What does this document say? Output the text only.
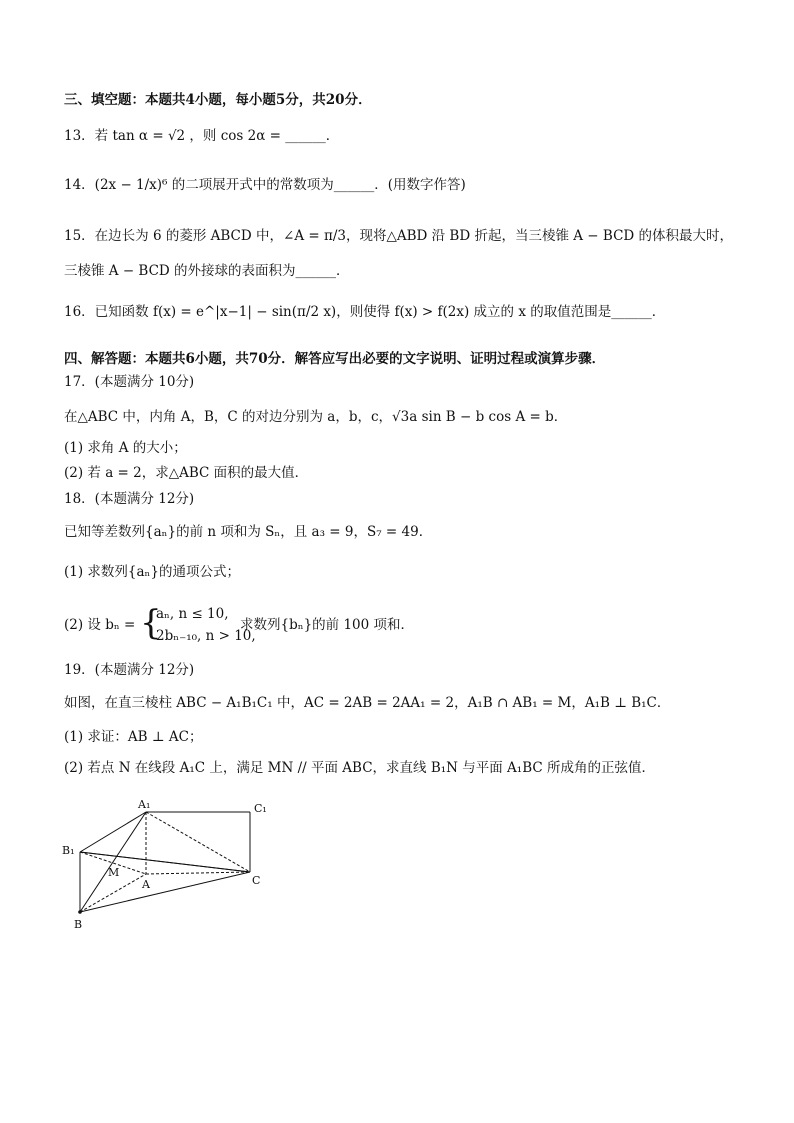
三、填空题：本题共4小题，每小题5分，共20分．
13．若 tan α = √2 ，则 cos 2α = ______．
14．(2x − 1/x)⁶ 的二项展开式中的常数项为______．(用数字作答)
15．在边长为 6 的菱形 ABCD 中，∠A = π/3，现将△ABD 沿 BD 折起，当三棱锥 A − BCD 的体积最大时，
三棱锥 A − BCD 的外接球的表面积为______．
16．已知函数 f(x) = e^|x−1| − sin(π/2 x)，则使得 f(x) > f(2x) 成立的 x 的取值范围是______．
四、解答题：本题共6小题，共70分．解答应写出必要的文字说明、证明过程或演算步骤．
17．(本题满分 10分)
在△ABC 中，内角 A，B，C 的对边分别为 a，b，c，√3a sin B − b cos A = b．
(1) 求角 A 的大小；
(2) 若 a = 2，求△ABC 面积的最大值．
18．(本题满分 12分)
已知等差数列{aₙ}的前 n 项和为 Sₙ，且 a₃ = 9，S₇ = 49．
(1) 求数列{aₙ}的通项公式；
(2) 设 bₙ = {
aₙ, n ≤ 10,
2bₙ₋₁₀, n > 10,
求数列{bₙ}的前 100 项和．
19．(本题满分 12分)
如图，在直三棱柱 ABC − A₁B₁C₁ 中，AC = 2AB = 2AA₁ = 2，A₁B ∩ AB₁ = M，A₁B ⊥ B₁C．
(1) 求证：AB ⊥ AC；
(2) 若点 N 在线段 A₁C 上，满足 MN // 平面 ABC，求直线 B₁N 与平面 A₁BC 所成角的正弦值．
A₁	C₁
B₁
M
A	C
B
